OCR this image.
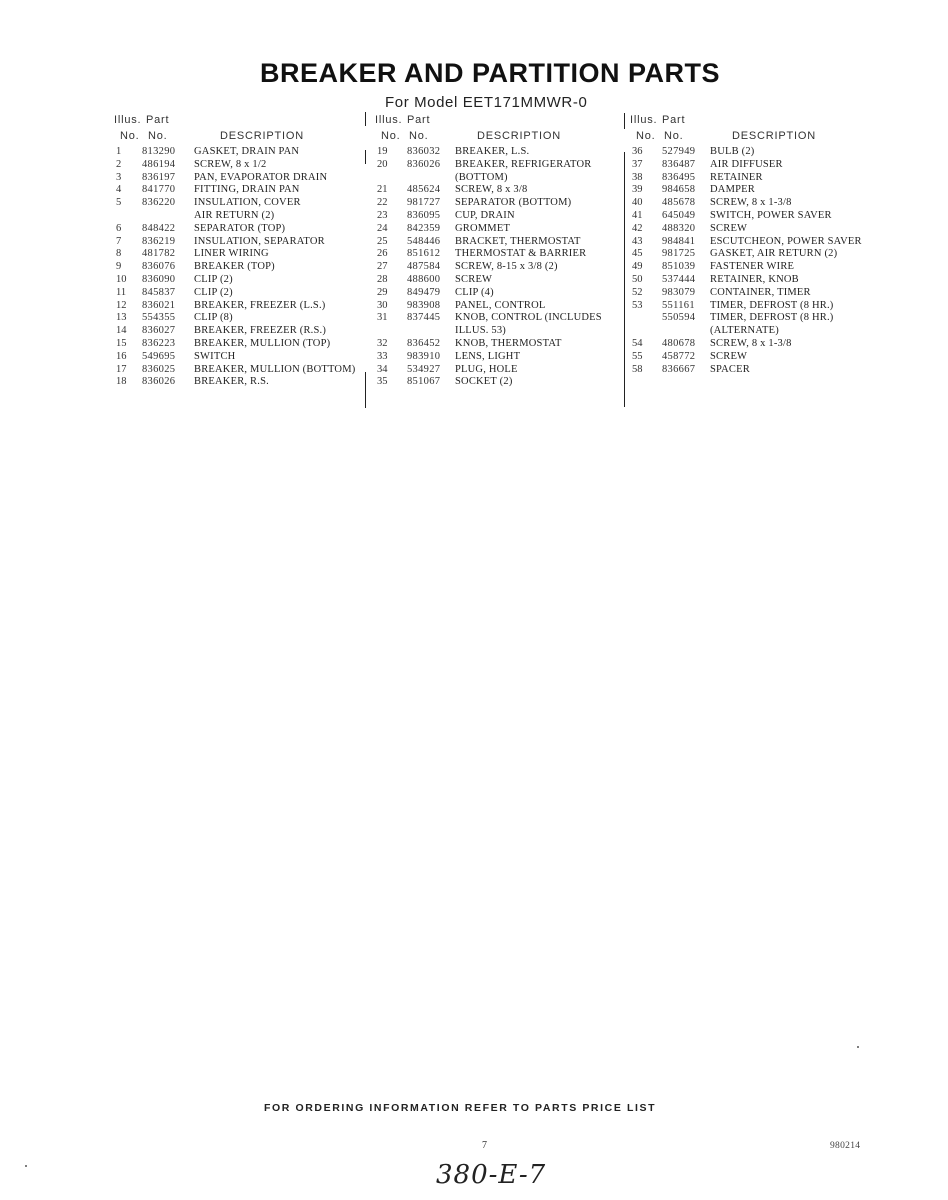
BREAKER AND PARTITION PARTS
For Model EET171MMWR-0
Illus. Part
No. No.	DESCRIPTION
1	813290	GASKET, DRAIN PAN
2	486194	SCREW, 8 x 1/2
3	836197	PAN, EVAPORATOR DRAIN
4	841770	FITTING, DRAIN PAN
5	836220	INSULATION, COVER
AIR RETURN (2)
6	848422	SEPARATOR (TOP)
7	836219	INSULATION, SEPARATOR
8	481782	LINER WIRING
9	836076	BREAKER (TOP)
10	836090	CLIP (2)
11	845837	CLIP (2)
12	836021	BREAKER, FREEZER (L.S.)
13	554355	CLIP (8)
14	836027	BREAKER, FREEZER (R.S.)
15	836223	BREAKER, MULLION (TOP)
16	549695	SWITCH
17	836025	BREAKER, MULLION (BOTTOM)
18	836026	BREAKER, R.S.
Illus. Part
No. No.	DESCRIPTION
19	836032	BREAKER, L.S.
20	836026	BREAKER, REFRIGERATOR
(BOTTOM)
21	485624	SCREW, 8 x 3/8
22	981727	SEPARATOR (BOTTOM)
23	836095	CUP, DRAIN
24	842359	GROMMET
25	548446	BRACKET, THERMOSTAT
26	851612	THERMOSTAT & BARRIER
27	487584	SCREW, 8-15 x 3/8 (2)
28	488600	SCREW
29	849479	CLIP (4)
30	983908	PANEL, CONTROL
31	837445	KNOB, CONTROL (INCLUDES
ILLUS. 53)
32	836452	KNOB, THERMOSTAT
33	983910	LENS, LIGHT
34	534927	PLUG, HOLE
35	851067	SOCKET (2)
Illus. Part
No. No.	DESCRIPTION
36	527949	BULB (2)
37	836487	AIR DIFFUSER
38	836495	RETAINER
39	984658	DAMPER
40	485678	SCREW, 8 x 1-3/8
41	645049	SWITCH, POWER SAVER
42	488320	SCREW
43	984841	ESCUTCHEON, POWER SAVER
45	981725	GASKET, AIR RETURN (2)
49	851039	FASTENER WIRE
50	537444	RETAINER, KNOB
52	983079	CONTAINER, TIMER
53	551161	TIMER, DEFROST (8 HR.)
550594	TIMER, DEFROST (8 HR.)
(ALTERNATE)
54	480678	SCREW, 8 x 1-3/8
55	458772	SCREW
58	836667	SPACER
FOR ORDERING INFORMATION REFER TO PARTS PRICE LIST
7	980214
380-E-7
